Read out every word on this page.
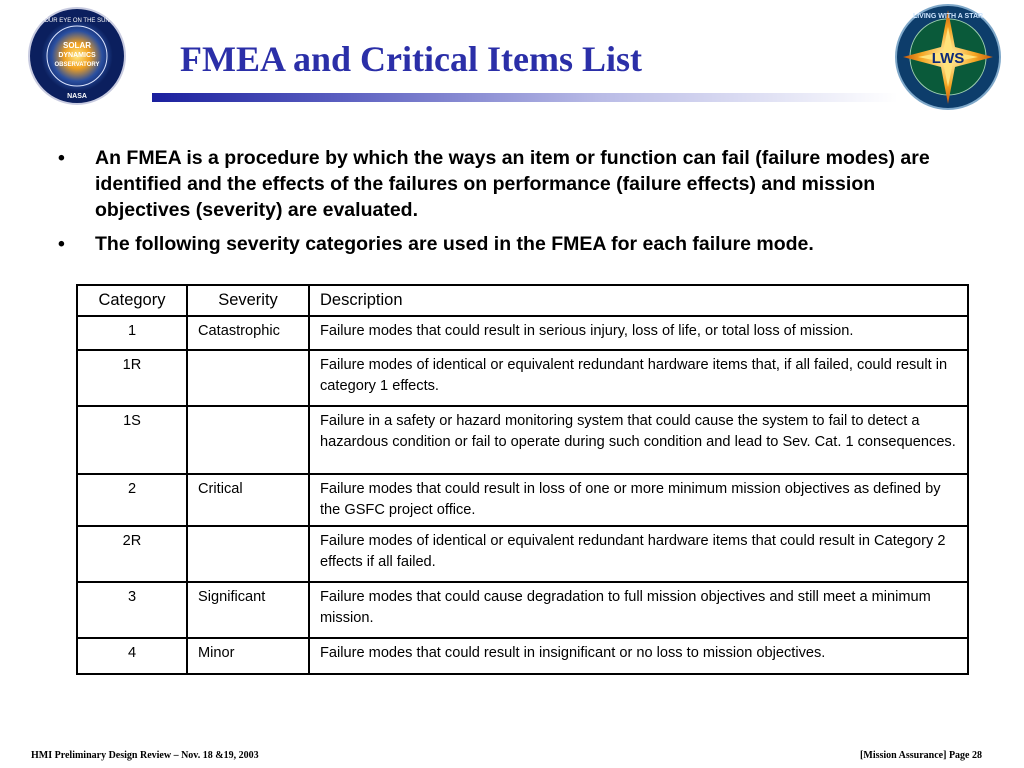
SOLAR
DYNAMICS
OBSERVATORY
OUR EYE ON THE SUN
NASA
FMEA and Critical Items List	LWS
LIVING WITH A STAR
• An FMEA is a procedure by which the ways an item or function can fail (failure modes) are identified and the effects of the failures on performance (failure effects) and mission objectives (severity) are evaluated.
• The following severity categories are used in the FMEA for each failure mode.
Category	Severity	Description
1	Catastrophic	Failure modes that could result in serious injury, loss of life, or total loss of mission.
1R		Failure modes of identical or equivalent redundant hardware items that, if all failed, could result in category 1 effects.
1S		Failure in a safety or hazard monitoring system that could cause the system to fail to detect a hazardous condition or fail to operate during such condition and lead to Sev. Cat. 1 consequences.
2	Critical	Failure modes that could result in loss of one or more minimum mission objectives as defined by the GSFC project office.
2R		Failure modes of identical or equivalent redundant hardware items that could result in Category 2 effects if all failed.
3	Significant	Failure modes that could cause degradation to full mission objectives and still meet a minimum mission.
4	Minor	Failure modes that could result in insignificant or no loss to mission objectives.
HMI Preliminary Design Review – Nov. 18 &19, 2003	[Mission Assurance] Page 28
